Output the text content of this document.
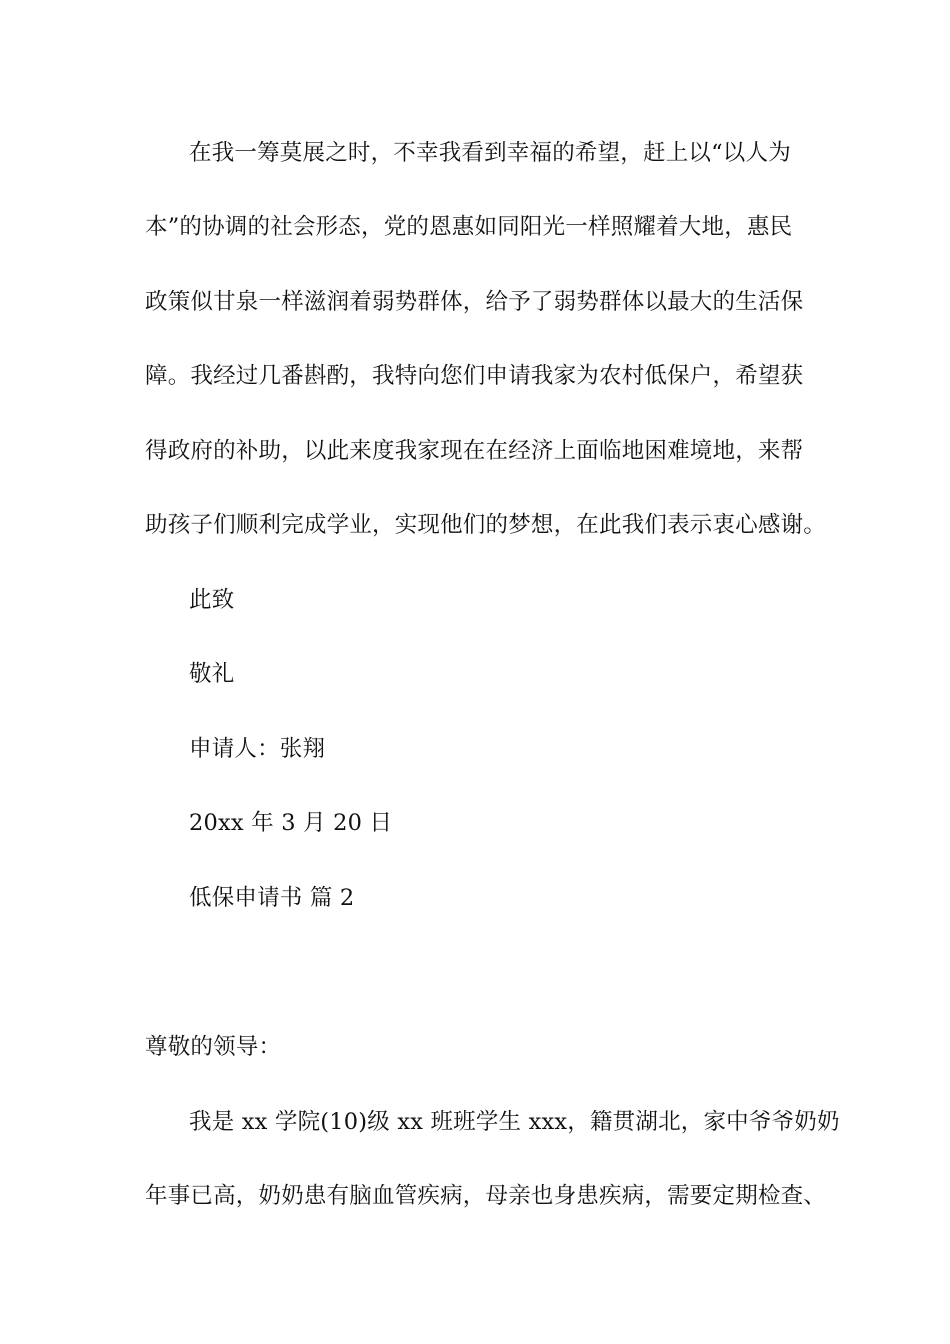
在我一筹莫展之时，不幸我看到幸福的希望，赶上以“以人为
本”的协调的社会形态，党的恩惠如同阳光一样照耀着大地，惠民
政策似甘泉一样滋润着弱势群体，给予了弱势群体以最大的生活保
障。我经过几番斟酌，我特向您们申请我家为农村低保户，希望获
得政府的补助，以此来度我家现在在经济上面临地困难境地，来帮
助孩子们顺利完成学业，实现他们的梦想，在此我们表示衷心感谢。
此致
敬礼
申请人：张翔
20xx 年 3 月 20 日
低保申请书 篇 2
尊敬的领导：
我是 xx 学院(10)级 xx 班班学生 xxx，籍贯湖北，家中爷爷奶奶
年事已高，奶奶患有脑血管疾病，母亲也身患疾病，需要定期检查、
